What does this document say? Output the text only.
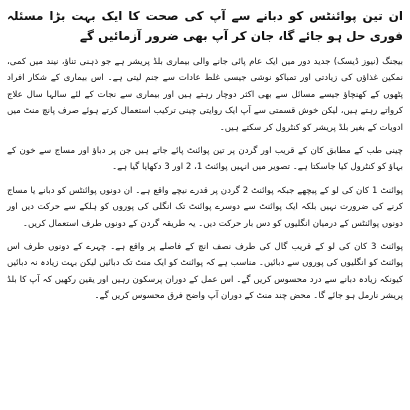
ان تین پوائنٹس کو دبانے سے آپ کی صحت کا ایک بہت بڑا مسئلہ فوری حل ہو جائے گا، جان کر آپ بھی ضرور آزمائیں گے
بیجنگ (نیوز ڈیسک) جدید دور میں ایک عام پائی جانے والی بیماری بلڈ پریشر ہے جو ذہنی تناؤ، نیند میں کمی، نمکین غذاؤں کی زیادتی اور تمباکو نوشی جیسی غلط عادات سے جنم لیتی ہے۔ اس بیماری کے شکار افراد پٹھوں کے کھنچاؤ جیسے مسائل سے بھی اکثر دوچار رہتے ہیں اور بیماری سے نجات کے لئے سالہا سال علاج کرواتے رہتے ہیں، لیکن خوش قسمتی سے آپ ایک روایتی چینی ترکیب استعمال کرتے ہوئے صرف پانچ منٹ میں ادویات کے بغیر بلڈ پریشر کو کنٹرول کر سکتے ہیں۔
چینی طب کے مطابق کان کے قریب اور گردن پر تین پوائنٹ پائے جاتے ہیں جن پر دباؤ اور مساج سے خون کے بہاؤ کو کنٹرول کیا جاسکتا ہے۔ تصویر میں انہیں پوائنٹ 1، 2 اور 3 دکھایا گیا ہے۔
پوائنٹ 1 کان کی لو کے پیچھے جبکہ پوائنٹ 2 گردن پر قدرے نیچے واقع ہے۔ ان دونوں پوائنٹس کو دبانے یا مساج کرنے کی ضرورت نہیں بلکہ ایک پوائنٹ سے دوسرے پوائنٹ تک انگلی کی پوروں کو ہلکے سے حرکت دیں اور دونوں پوائنٹس کے درمیان انگلیوں کو دس بار حرکت دیں۔ یہ طریقہ گردن کے دونوں طرف استعمال کریں۔
پوائنٹ 3 کان کی لو کے قریب گال کی طرف نصف انچ کے فاصلے پر واقع ہے۔ چہرے کے دونوں طرف اس پوائنٹ کو انگلیوں کی پوروں سے دبائیں۔ مناسب ہے کہ پوائنٹ کو ایک منٹ تک دبائیں لیکن بہت زیادہ نہ دبائیں کیونکہ زیادہ دبانے سے درد محسوس کریں گے۔ اس عمل کے دوران پرسکون رہیں اور یقین رکھیں کہ آپ کا بلڈ پریشر نارمل ہو جائے گا۔ محض چند منٹ کے دوران آپ واضح فرق محسوس کریں گے۔
